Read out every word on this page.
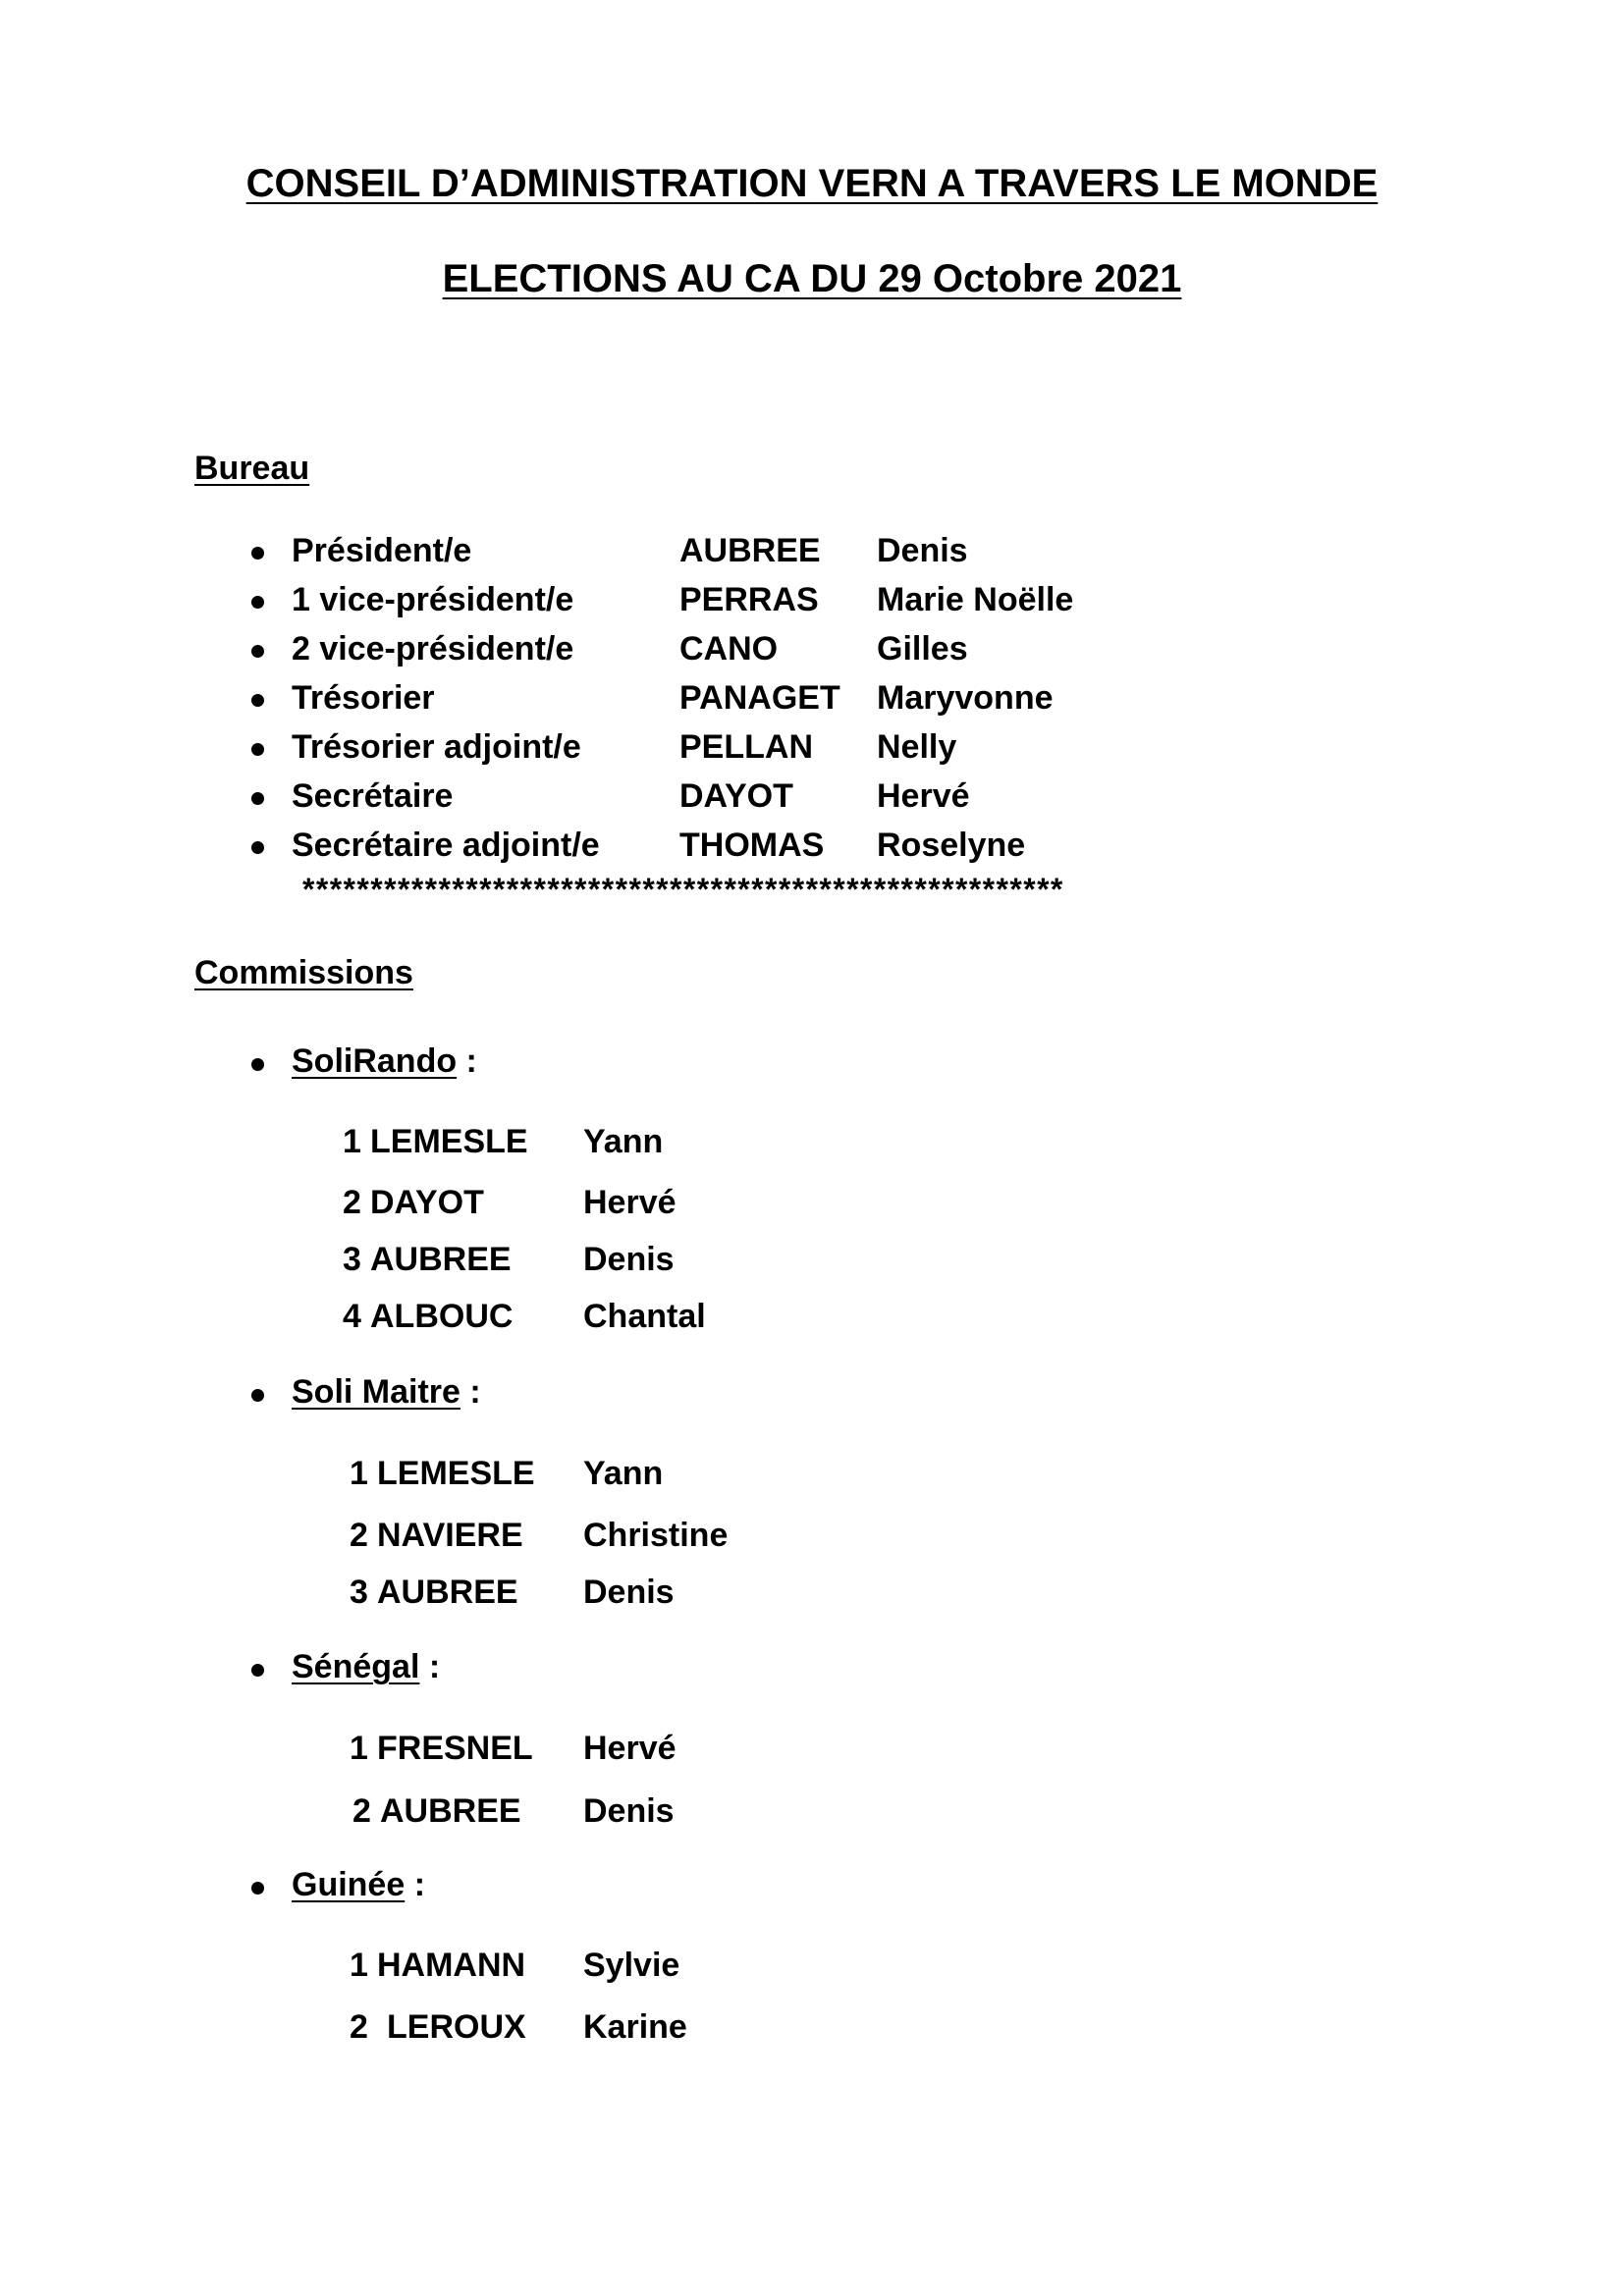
CONSEIL D’ADMINISTRATION VERN A TRAVERS LE MONDE
ELECTIONS AU CA DU 29 Octobre 2021
Bureau
Président/e	AUBREE Denis
1 vice-président/e	PERRAS Marie Noëlle
2 vice-président/e	CANO	Gilles
Trésorier	PANAGET Maryvonne
Trésorier adjoint/e	PELLAN Nelly
Secrétaire	DAYOT	Hervé
Secrétaire adjoint/e THOMAS Roselyne
********************************************************
Commissions
SoliRando :
1 LEMESLE Yann
2 DAYOT	Hervé
3 AUBREE Denis
4 ALBOUC Chantal
Soli Maitre :
1 LEMESLE Yann
2 NAVIERE Christine
3 AUBREE Denis
Sénégal :
1 FRESNEL Hervé
2 AUBREE Denis
Guinée :
1 HAMANN Sylvie
2 LEROUX Karine
